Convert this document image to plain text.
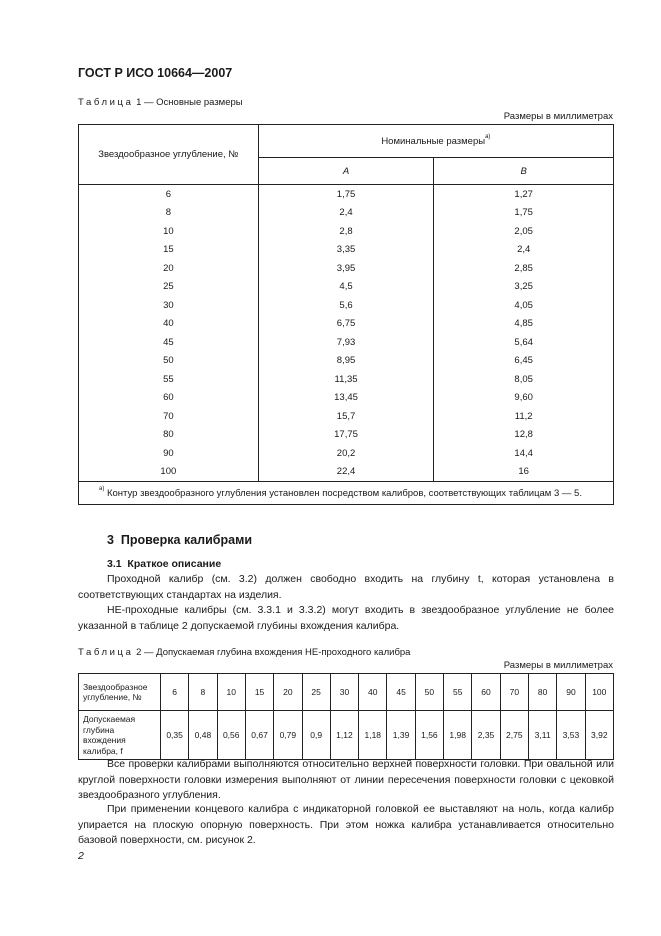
ГОСТ Р ИСО 10664—2007
Таблица 1 — Основные размеры
Размеры в миллиметрах
Звездообразное углубление, №	Номинальные размеры$^{a)}$
	A	B
6	1,75	1,27
8	2,4	1,75
10	2,8	2,05
15	3,35	2,4
20	3,95	2,85
25	4,5	3,25
30	5,6	4,05
40	6,75	4,85
45	7,93	5,64
50	8,95	6,45
55	11,35	8,05
60	13,45	9,60
70	15,7	11,2
80	17,75	12,8
90	20,2	14,4
100	22,4	16
$^{a)}$ Контур звездообразного углубления установлен посредством калибров, соответствующих таблицам 3 — 5.		
3  Проверка калибрами
3.1  Краткое описание
Проходной калибр (см. 3.2) должен свободно входить на глубину t, которая установлена в соответствующих стандартах на изделия.
НЕ-проходные калибры (см. 3.3.1 и 3.3.2) могут входить в звездообразное углубление не более указанной в таблице 2 допускаемой глубины вхождения калибра.
Таблица 2 — Допускаемая глубина вхождения НЕ-проходного калибра
Размеры в миллиметрах
Звездообразное углубление, №	6	8	10	15	20	25	30	40	45	50	55	60	70	80	90	100
Допускаемая глубина вхождения калибра, f	0,35	0,48	0,56	0,67	0,79	0,9	1,12	1,18	1,39	1,56	1,98	2,35	2,75	3,11	3,53	3,92
Все проверки калибрами выполняются относительно верхней поверхности головки. При овальной или круглой поверхности головки измерения выполняют от линии пересечения поверхности головки с цековкой звездообразного углубления.
При применении концевого калибра с индикаторной головкой ее выставляют на ноль, когда калибр упирается на плоскую опорную поверхность. При этом ножка калибра устанавливается относительно базовой поверхности, см. рисунок 2.
2
